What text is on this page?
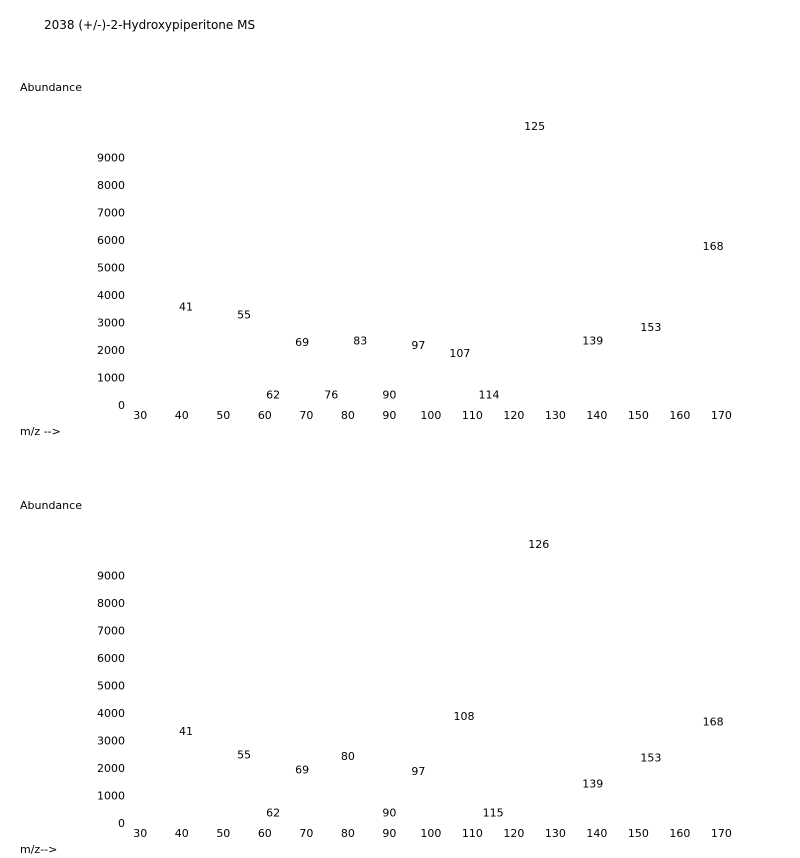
2038 (+/-)-2-Hydroxypiperitone MS
Abundance
m/z -->
0
1000
2000
3000
4000
5000
6000
7000
8000
9000
30	40	50	60	70	80	90 100 110 120 130 140 150 160 170
41
55
62
69
76
83
90
97
107
114
125
139
153
168
Abundance
m/z-->
0
1000
2000
3000
4000
5000
6000
7000
8000
9000
30	40	50	60	70	80	90 100 110 120 130 140 150 160 170
41
55
62
69
80
90
97
108
115
126
139
153
168
